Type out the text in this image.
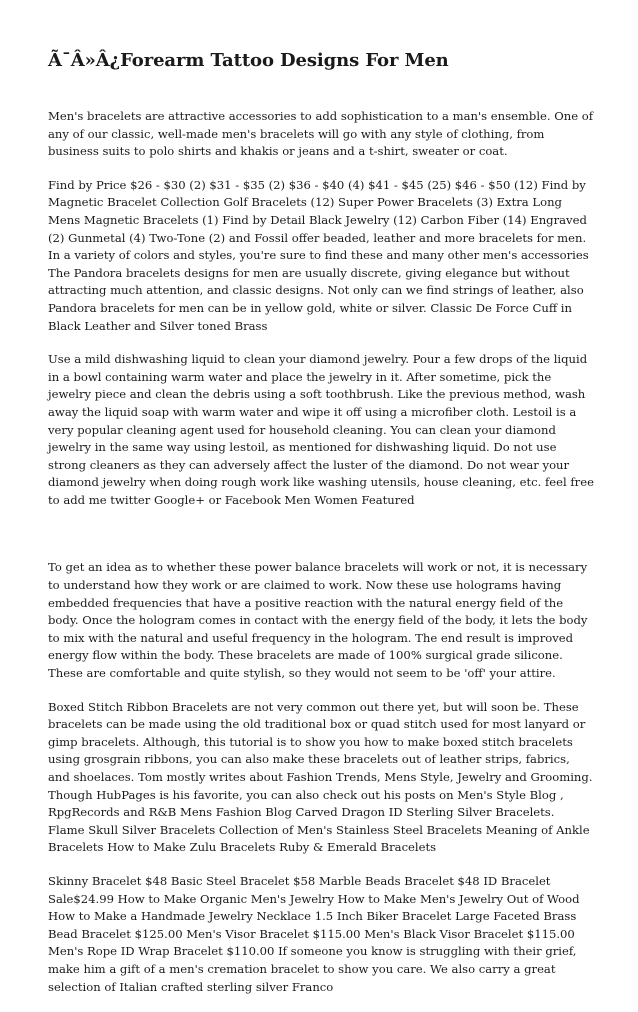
Ã¯Â»Â¿Forearm Tattoo Designs For Men

Men's bracelets are attractive accessories to add sophistication to a man's ensemble. One of any of our classic, well-made men's bracelets will go with any style of clothing, from business suits to polo shirts and khakis or jeans and a t-shirt, sweater or coat.

Find by Price $26 - $30 (2) $31 - $35 (2) $36 - $40 (4) $41 - $45 (25) $46 - $50 (12) Find by Magnetic Bracelet Collection Golf Bracelets (12) Super Power Bracelets (3) Extra Long Mens Magnetic Bracelets (1) Find by Detail Black Jewelry (12) Carbon Fiber (14) Engraved (2) Gunmetal (4) Two-Tone (2) and Fossil offer beaded, leather and more bracelets for men. In a variety of colors and styles, you're sure to find these and many other men's accessories The Pandora bracelets designs for men are usually discrete, giving elegance but without attracting much attention, and classic designs. Not only can we find strings of leather, also Pandora bracelets for men can be in yellow gold, white or silver. Classic De Force Cuff in Black Leather and Silver toned Brass

Use a mild dishwashing liquid to clean your diamond jewelry. Pour a few drops of the liquid in a bowl containing warm water and place the jewelry in it. After sometime, pick the jewelry piece and clean the debris using a soft toothbrush. Like the previous method, wash away the liquid soap with warm water and wipe it off using a microfiber cloth. Lestoil is a very popular cleaning agent used for household cleaning. You can clean your diamond jewelry in the same way using lestoil, as mentioned for dishwashing liquid. Do not use strong cleaners as they can adversely affect the luster of the diamond. Do not wear your diamond jewelry when doing rough work like washing utensils, house cleaning, etc. feel free to add me twitter Google+ or Facebook Men Women Featured

To get an idea as to whether these power balance bracelets will work or not, it is necessary to understand how they work or are claimed to work. Now these use holograms having embedded frequencies that have a positive reaction with the natural energy field of the body. Once the hologram comes in contact with the energy field of the body, it lets the body to mix with the natural and useful frequency in the hologram. The end result is improved energy flow within the body. These bracelets are made of 100% surgical grade silicone. These are comfortable and quite stylish, so they would not seem to be 'off' your attire.

Boxed Stitch Ribbon Bracelets are not very common out there yet, but will soon be. These bracelets can be made using the old traditional box or quad stitch used for most lanyard or gimp bracelets. Although, this tutorial is to show you how to make boxed stitch bracelets using grosgrain ribbons, you can also make these bracelets out of leather strips, fabrics, and shoelaces. Tom mostly writes about Fashion Trends, Mens Style, Jewelry and Grooming. Though HubPages is his favorite, you can also check out his posts on Men's Style Blog , RpgRecords and R&B Mens Fashion Blog Carved Dragon ID Sterling Silver Bracelets. Flame Skull Silver Bracelets Collection of Men's Stainless Steel Bracelets Meaning of Ankle Bracelets How to Make Zulu Bracelets Ruby & Emerald Bracelets

Skinny Bracelet $48 Basic Steel Bracelet $58 Marble Beads Bracelet $48 ID Bracelet Sale$24.99 How to Make Organic Men's Jewelry How to Make Men's Jewelry Out of Wood How to Make a Handmade Jewelry Necklace 1.5 Inch Biker Bracelet Large Faceted Brass Bead Bracelet $125.00 Men's Visor Bracelet $115.00 Men's Black Visor Bracelet $115.00 Men's Rope ID Wrap Bracelet $110.00 If someone you know is struggling with their grief, make him a gift of a men's cremation bracelet to show you care. We also carry a great selection of Italian crafted sterling silver Franco
